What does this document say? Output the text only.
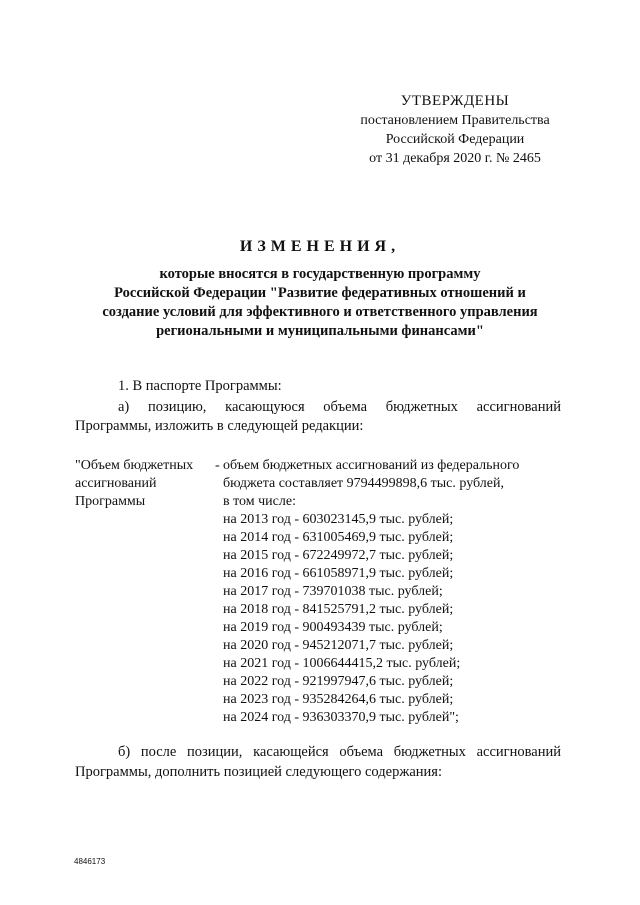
УТВЕРЖДЕНЫ
постановлением Правительства
Российской Федерации
от 31 декабря 2020 г. № 2465
ИЗМЕНЕНИЯ,
которые вносятся в государственную программу
Российской Федерации "Развитие федеративных отношений и
создание условий для эффективного и ответственного управления
региональными и муниципальными финансами"
1. В паспорте Программы:
а) позицию, касающуюся объема бюджетных ассигнований
Программы, изложить в следующей редакции:
"Объем бюджетных
ассигнований
Программы
- объем бюджетных ассигнований из федерального
бюджета составляет 9794499898,6 тыс. рублей,
в том числе:
на 2013 год - 603023145,9 тыс. рублей;
на 2014 год - 631005469,9 тыс. рублей;
на 2015 год - 672249972,7 тыс. рублей;
на 2016 год - 661058971,9 тыс. рублей;
на 2017 год - 739701038 тыс. рублей;
на 2018 год - 841525791,2 тыс. рублей;
на 2019 год - 900493439 тыс. рублей;
на 2020 год - 945212071,7 тыс. рублей;
на 2021 год - 1006644415,2 тыс. рублей;
на 2022 год - 921997947,6 тыс. рублей;
на 2023 год - 935284264,6 тыс. рублей;
на 2024 год - 936303370,9 тыс. рублей";
б) после позиции, касающейся объема бюджетных ассигнований
Программы, дополнить позицией следующего содержания:
4846173
